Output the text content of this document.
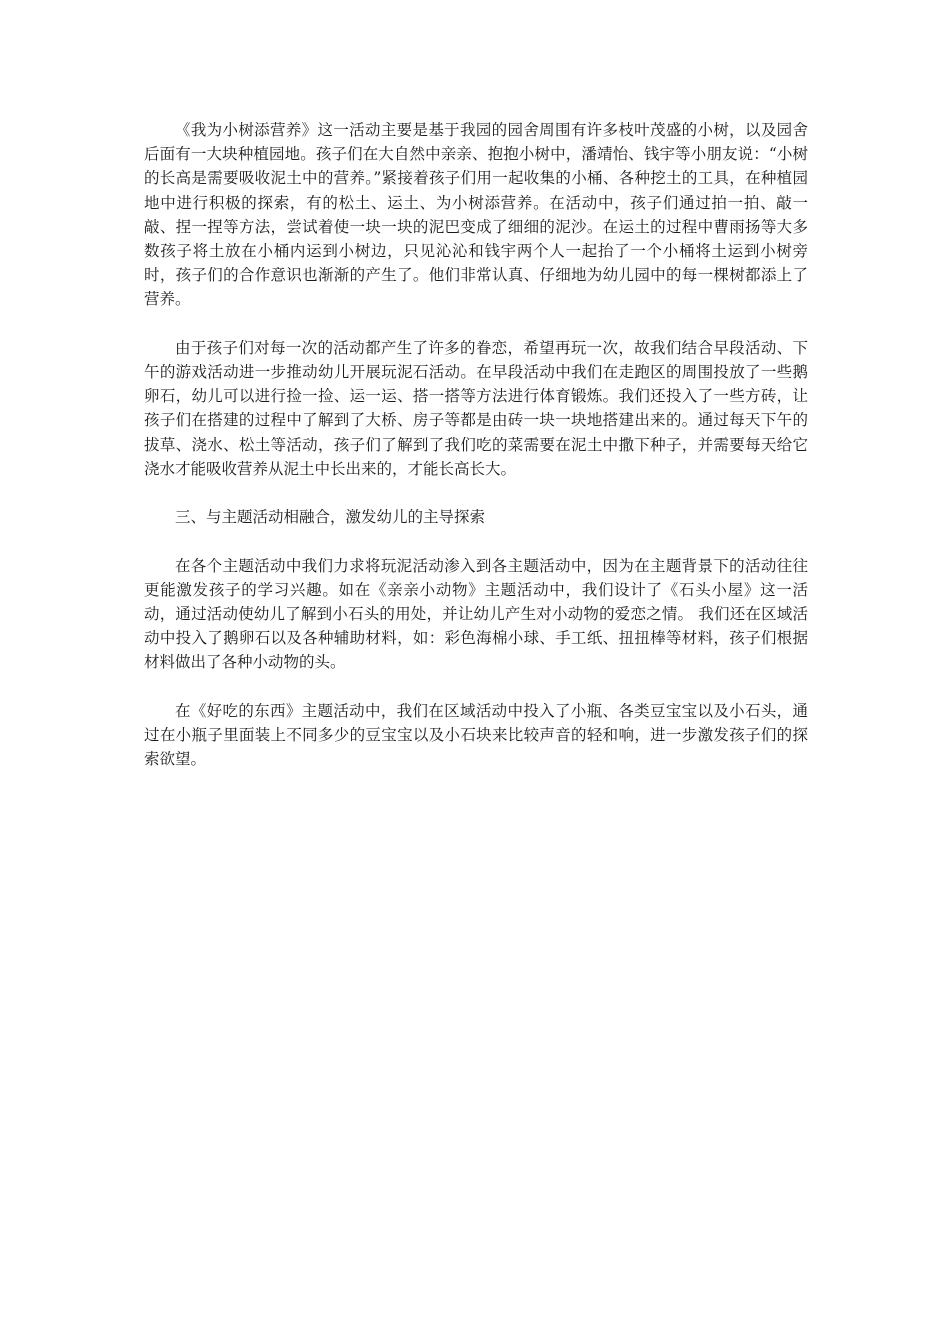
《我为小树添营养》这一活动主要是基于我园的园舍周围有许多枝叶茂盛的小树，以及园舍后面有一大块种植园地。孩子们在大自然中亲亲、抱抱小树中，潘靖怡、钱宇等小朋友说：“小树的长高是需要吸收泥土中的营养。”紧接着孩子们用一起收集的小桶、各种挖土的工具，在种植园地中进行积极的探索，有的松土、运土、为小树添营养。在活动中，孩子们通过拍一拍、敲一敲、捏一捏等方法，尝试着使一块一块的泥巴变成了细细的泥沙。在运土的过程中曹雨扬等大多数孩子将土放在小桶内运到小树边，只见沁沁和钱宇两个人一起抬了一个小桶将土运到小树旁时，孩子们的合作意识也渐渐的产生了。他们非常认真、仔细地为幼儿园中的每一棵树都添上了营养。

由于孩子们对每一次的活动都产生了许多的眷恋，希望再玩一次，故我们结合早段活动、下午的游戏活动进一步推动幼儿开展玩泥石活动。在早段活动中我们在走跑区的周围投放了一些鹅卵石，幼儿可以进行捡一捡、运一运、搭一搭等方法进行体育锻炼。我们还投入了一些方砖，让孩子们在搭建的过程中了解到了大桥、房子等都是由砖一块一块地搭建出来的。通过每天下午的拔草、浇水、松土等活动，孩子们了解到了我们吃的菜需要在泥土中撒下种子，并需要每天给它浇水才能吸收营养从泥土中长出来的，才能长高长大。

三、与主题活动相融合，激发幼儿的主导探索

在各个主题活动中我们力求将玩泥活动渗入到各主题活动中，因为在主题背景下的活动往往更能激发孩子的学习兴趣。如在《亲亲小动物》主题活动中，我们设计了《石头小屋》这一活动，通过活动使幼儿了解到小石头的用处，并让幼儿产生对小动物的爱恋之情。 我们还在区域活动中投入了鹅卵石以及各种辅助材料，如：彩色海棉小球、手工纸、扭扭棒等材料，孩子们根据材料做出了各种小动物的头。

在《好吃的东西》主题活动中，我们在区域活动中投入了小瓶、各类豆宝宝以及小石头，通过在小瓶子里面装上不同多少的豆宝宝以及小石块来比较声音的轻和响，进一步激发孩子们的探索欲望。
